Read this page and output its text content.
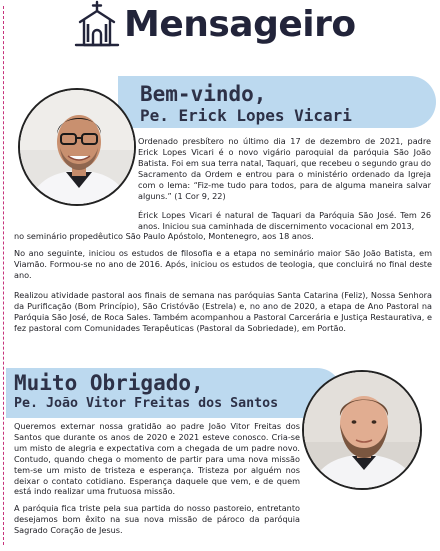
Mensageiro
Bem-vindo,
Pe. Erick Lopes Vicari
Ordenado presbítero no último dia 17 de dezembro de 2021, padre Erick Lopes Vicari é o novo vigário paroquial da paróquia São João Batista. Foi em sua terra natal, Taquari, que recebeu o segundo grau do Sacramento da Ordem e entrou para o ministério ordenado da Igreja com o lema: “Fiz-me tudo para todos, para de alguma maneira salvar alguns.” (1 Cor 9, 22)
Érick Lopes Vicari é natural de Taquari da Paróquia São José. Tem 26 anos. Iniciou sua caminhada de discernimento vocacional em 2013,
no seminário propedêutico São Paulo Apóstolo, Montenegro, aos 18 anos.
No ano seguinte, iniciou os estudos de filosofia e a etapa no seminário maior São João Batista, em Viamão. Formou-se no ano de 2016. Após, iniciou os estudos de teologia, que concluirá no final deste ano.
Realizou atividade pastoral aos finais de semana nas paróquias Santa Catarina (Feliz), Nossa Senhora da Purificação (Bom Princípio), São Cristóvão (Estrela) e, no ano de 2020, a etapa de Ano Pastoral na Paróquia São José, de Roca Sales. Também acompanhou a Pastoral Carcerária e Justiça Restaurativa, e fez pastoral com Comunidades Terapêuticas (Pastoral da Sobriedade), em Portão.
Muito Obrigado,
Pe. João Vitor Freitas dos Santos
Queremos externar nossa gratidão ao padre João Vitor Freitas dos Santos que durante os anos de 2020 e 2021 esteve conosco. Cria-se um misto de alegria e expectativa com a chegada de um padre novo. Contudo, quando chega o momento de partir para uma nova missão tem-se um misto de tristeza e esperança. Tristeza por alguém nos deixar o contato cotidiano. Esperança daquele que vem, e de quem está indo realizar uma frutuosa missão.
A paróquia fica triste pela sua partida do nosso pastoreio, entretanto desejamos bom êxito na sua nova missão de pároco da paróquia Sagrado Coração de Jesus.
